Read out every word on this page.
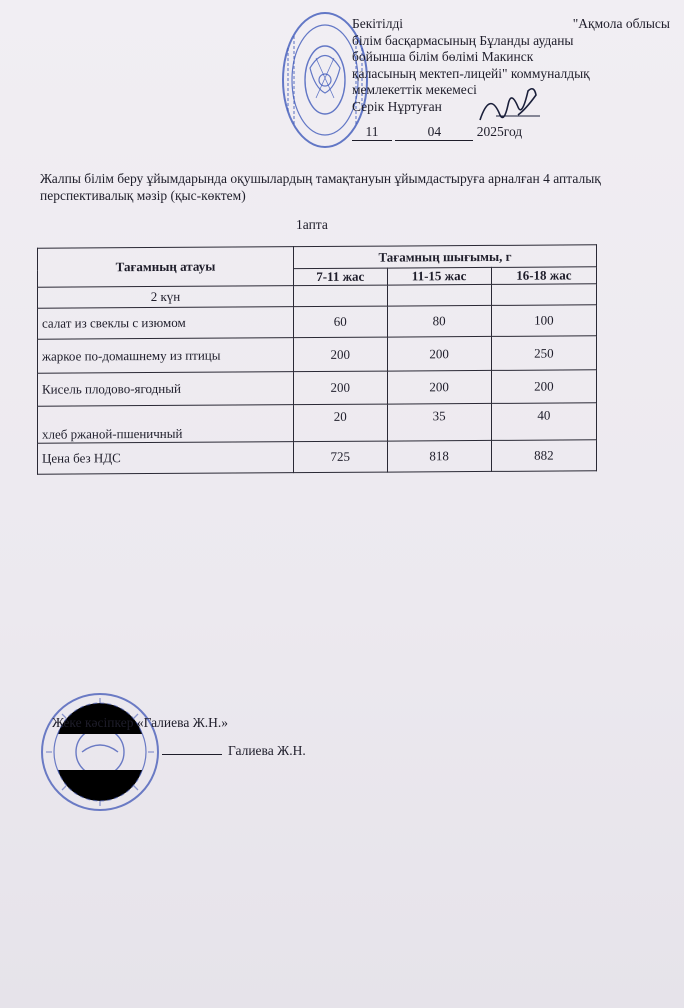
Бекітілді	"Ақмола облысы
білім басқармасының Бұланды ауданы
бойынша білім бөлімі Макинск
қаласының мектеп-лицейі" коммуналдық
мемлекеттік мекемесі
Серік Нұртуған
11	04	2025год
Жалпы білім беру ұйымдарында оқушылардың тамақтануын ұйымдастыруға арналған 4 апталық перспективалық мәзір (қыс-көктем)
1апта
Тағамның атауы	Тағамның шығымы, г		
	7-11 жас	11-15 жас	16-18 жас
2 күн			
салат из свеклы с изюмом	60	80	100
жаркое по-домашнему из птицы	200	200	250
Кисель плодово-ягодный	200	200	200
хлеб ржаной-пшеничный	20	35	40
Цена без НДС	725	818	882
Жеке кәсіпкер «Галиева Ж.Н.»
Галиева Ж.Н.
